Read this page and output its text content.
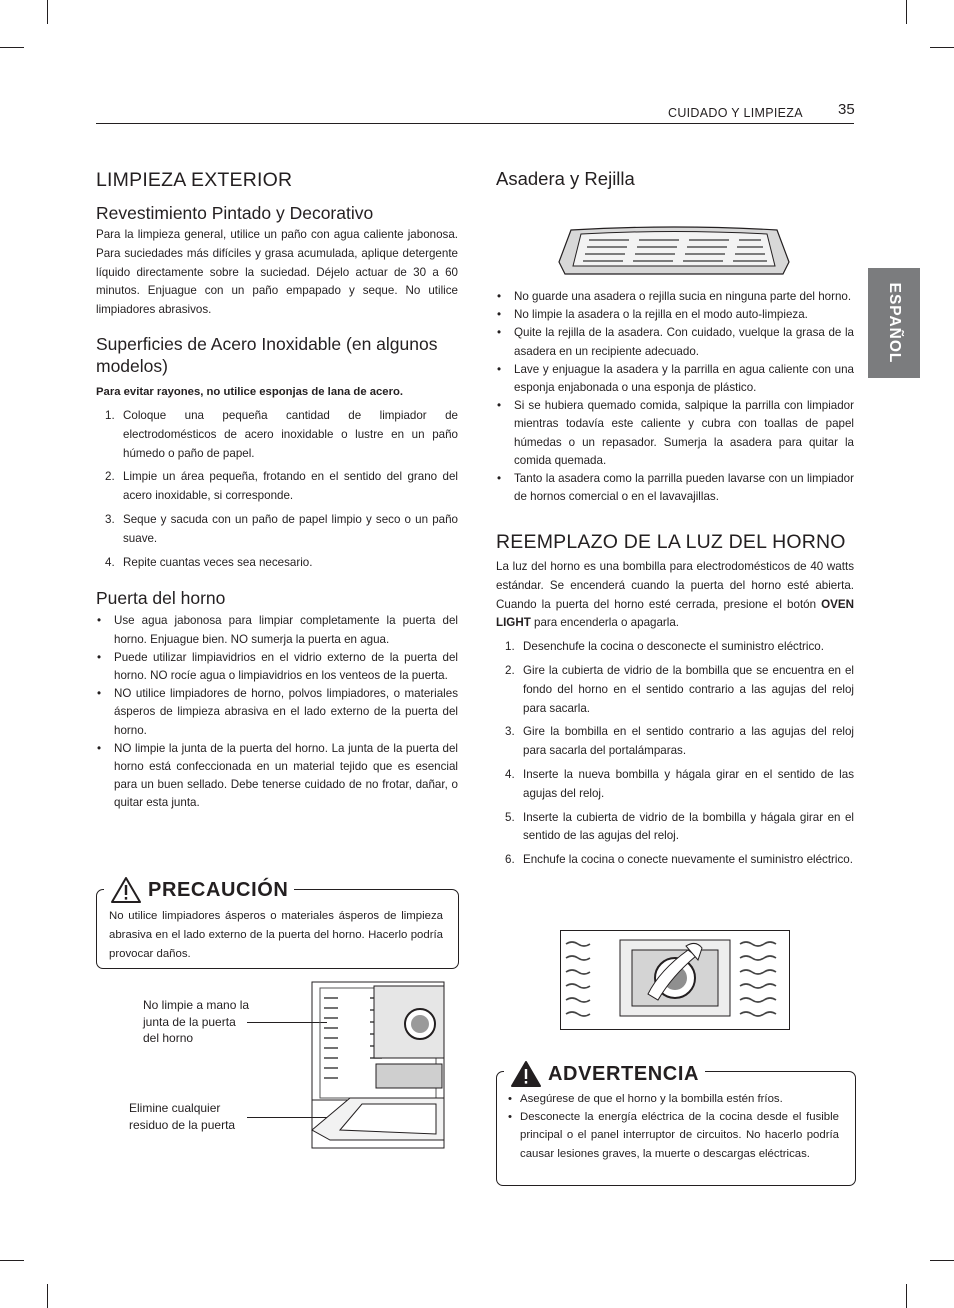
CUIDADO Y LIMPIEZA 35
ESPAÑOL
LIMPIEZA EXTERIOR
Revestimiento Pintado y Decorativo

Para la limpieza general, utilice un paño con agua caliente jabonosa. Para suciedades más difíciles y grasa acumulada, aplique detergente líquido directamente sobre la suciedad. Déjelo actuar de 30 a 60 minutos. Enjuague con un paño empapado y seque. No utilice limpiadores abrasivos.

Superficies de Acero Inoxidable (en algunos modelos)

Para evitar rayones, no utilice esponjas de lana de acero.

1. Coloque una pequeña cantidad de limpiador de electrodomésticos de acero inoxidable o lustre en un paño húmedo o paño de papel.
2. Limpie un área pequeña, frotando en el sentido del grano del acero inoxidable, si corresponde.
3. Seque y sacuda con un paño de papel limpio y seco o un paño suave.
4. Repite cuantas veces sea necesario.
Puerta del horno
• Use agua jabonosa para limpiar completamente la puerta del horno. Enjuague bien. NO sumerja la puerta en agua.
• Puede utilizar limpiavidrios en el vidrio externo de la puerta del horno. NO rocíe agua o limpiavidrios en los venteos de la puerta.
• NO utilice limpiadores de horno, polvos limpiadores, o materiales ásperos de limpieza abrasiva en el lado externo de la puerta del horno.
• NO limpie la junta de la puerta del horno. La junta de la puerta del horno está confeccionada en un material tejido que es esencial para un buen sellado. Debe tenerse cuidado de no frotar, dañar, o quitar esta junta.

No utilice limpiadores ásperos o materiales ásperos de limpieza abrasiva en el lado externo de la puerta del horno. Hacerlo podría provocar daños.

PRECAUCIÓN
No limpie a mano la junta de la puerta del horno
Elimine cualquier residuo de la puerta
Asadera y Rejilla
• No guarde una asadera o rejilla sucia en ninguna parte del horno.
• No limpie la asadera o la rejilla en el modo auto-limpieza.
• Quite la rejilla de la asadera. Con cuidado, vuelque la grasa de la asadera en un recipiente adecuado.
• Lave y enjuague la asadera y la parrilla en agua caliente con una esponja enjabonada o una esponja de plástico.
• Si se hubiera quemado comida, salpique la parrilla con limpiador mientras todavía este caliente y cubra con toallas de papel húmedas o un repasador. Sumerja la asadera para quitar la comida quemada.
• Tanto la asadera como la parrilla pueden lavarse con un limpiador de hornos comercial o en el lavavajillas.
REEMPLAZO DE LA LUZ DEL HORNO

La luz del horno es una bombilla para electrodomésticos de 40 watts estándar. Se encenderá cuando la puerta del horno esté abierta. Cuando la puerta del horno esté cerrada, presione el botón OVEN LIGHT para encenderla o apagarla.

1. Desenchufe la cocina o desconecte el suministro eléctrico.
2. Gire la cubierta de vidrio de la bombilla que se encuentra en el fondo del horno en el sentido contrario a las agujas del reloj para sacarla.
3. Gire la bombilla en el sentido contrario a las agujas del reloj para sacarla del portalámparas.
4. Inserte la nueva bombilla y hágala girar en el sentido de las agujas del reloj.
5. Inserte la cubierta de vidrio de la bombilla y hágala girar en el sentido de las agujas del reloj.
6. Enchufe la cocina o conecte nuevamente el suministro eléctrico.
• Asegúrese de que el horno y la bombilla estén fríos.
• Desconecte la energía eléctrica de la cocina desde el fusible principal o el panel interruptor de circuitos. No hacerlo podría causar lesiones graves, la muerte o descargas eléctricas.
ADVERTENCIA
